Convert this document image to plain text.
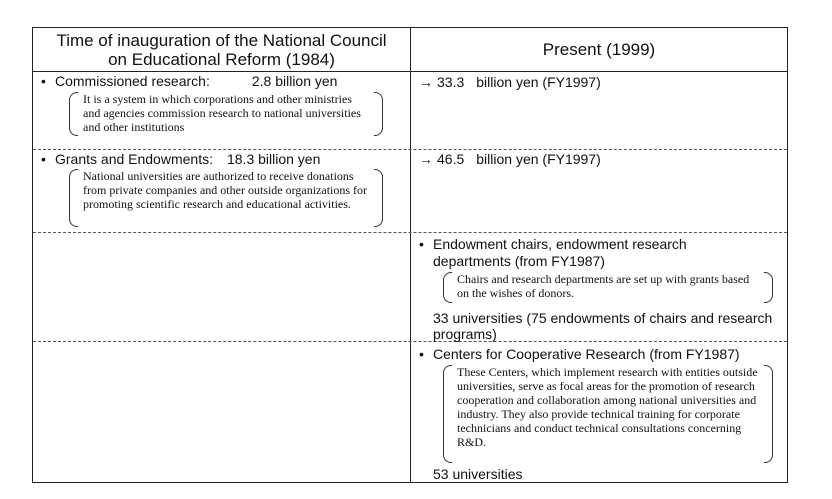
Time of inauguration of the National Council
on Educational Reform (1984)	Present (1999)
• Commissioned research:	2.8 billion yen
It is a system in which corporations and other ministries and agencies commission research to national universities and other institutions
→ 33.3 billion yen (FY1997)
• Grants and Endowments: 18.3 billion yen
National universities are authorized to receive donations from private companies and other outside organizations for promoting scientific research and educational activities.
→ 46.5 billion yen (FY1997)
• Endowment chairs, endowment research departments (from FY1987)
Chairs and research departments are set up with grants based on the wishes of donors.
33 universities (75 endowments of chairs and research programs)
• Centers for Cooperative Research (from FY1987)
These Centers, which implement research with entities outside universities, serve as focal areas for the promotion of research cooperation and collaboration among national universities and industry. They also provide technical training for corporate technicians and conduct technical consultations concerning R&D.
53 universities
